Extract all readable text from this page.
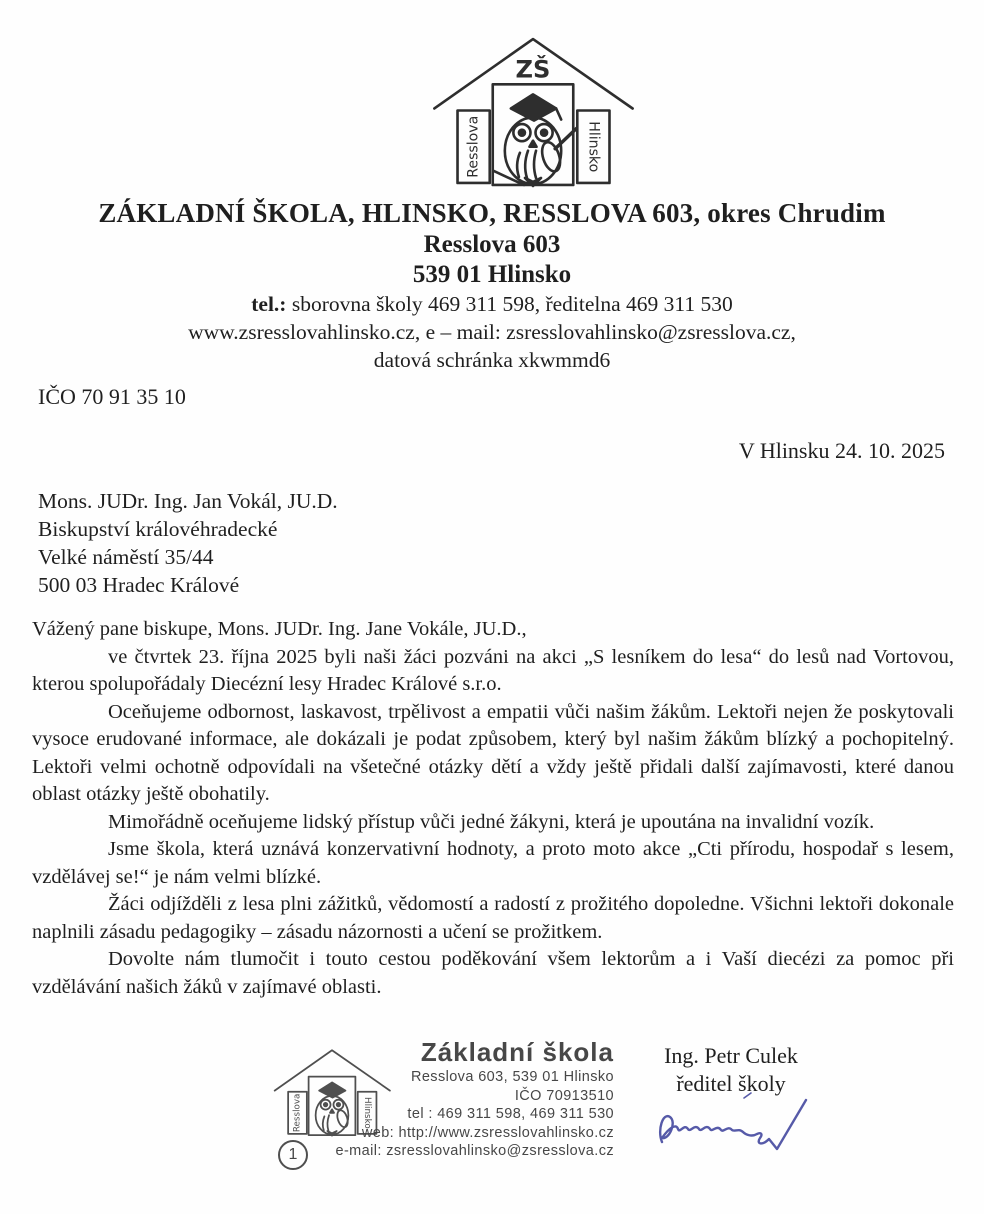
ZŠ
Resslova	Hlinsko
ZÁKLADNÍ ŠKOLA, HLINSKO, RESSLOVA 603, okres Chrudim
Resslova 603
539 01 Hlinsko
tel.: sborovna školy 469 311 598, ředitelna 469 311 530
www.zsresslovahlinsko.cz, e – mail: zsresslovahlinsko@zsresslova.cz,
datová schránka xkwmmd6
IČO 70 91 35 10
V Hlinsku 24. 10. 2025
Mons. JUDr. Ing. Jan Vokál, JU.D.
Biskupství královéhradecké
Velké náměstí 35/44
500 03 Hradec Králové

Vážený pane biskupe, Mons. JUDr. Ing. Jane Vokále, JU.D.,

ve čtvrtek 23. října 2025 byli naši žáci pozváni na akci „S lesníkem do lesa“ do lesů nad Vortovou, kterou spolupořádaly Diecézní lesy Hradec Králové s.r.o.

Oceňujeme odbornost, laskavost, trpělivost a empatii vůči našim žákům. Lektoři nejen že poskytovali vysoce erudované informace, ale dokázali je podat způsobem, který byl našim žákům blízký a pochopitelný. Lektoři velmi ochotně odpovídali na všetečné otázky dětí a vždy ještě přidali další zajímavosti, které danou oblast otázky ještě obohatily.

Mimořádně oceňujeme lidský přístup vůči jedné žákyni, která je upoutána na invalidní vozík.

Jsme škola, která uznává konzervativní hodnoty, a proto moto akce „Cti přírodu, hospodař s lesem, vzdělávej se!“ je nám velmi blízké.

Žáci odjížděli z lesa plni zážitků, vědomostí a radostí z prožitého dopoledne. Všichni lektoři dokonale naplnili zásadu pedagogiky – zásadu názornosti a učení se prožitkem.

Dovolte nám tlumočit i touto cestou poděkování všem lektorům a i Vaší diecézi za pomoc při vzdělávání našich žáků v zajímavé oblasti.

Resslova	Hlinsko
1
Základní škola
Resslova 603, 539 01 Hlinsko
IČO 70913510
tel : 469 311 598, 469 311 530
web: http://www.zsresslovahlinsko.cz
e-mail: zsresslovahlinsko@zsresslova.cz
Ing. Petr Culek
ředitel školy
